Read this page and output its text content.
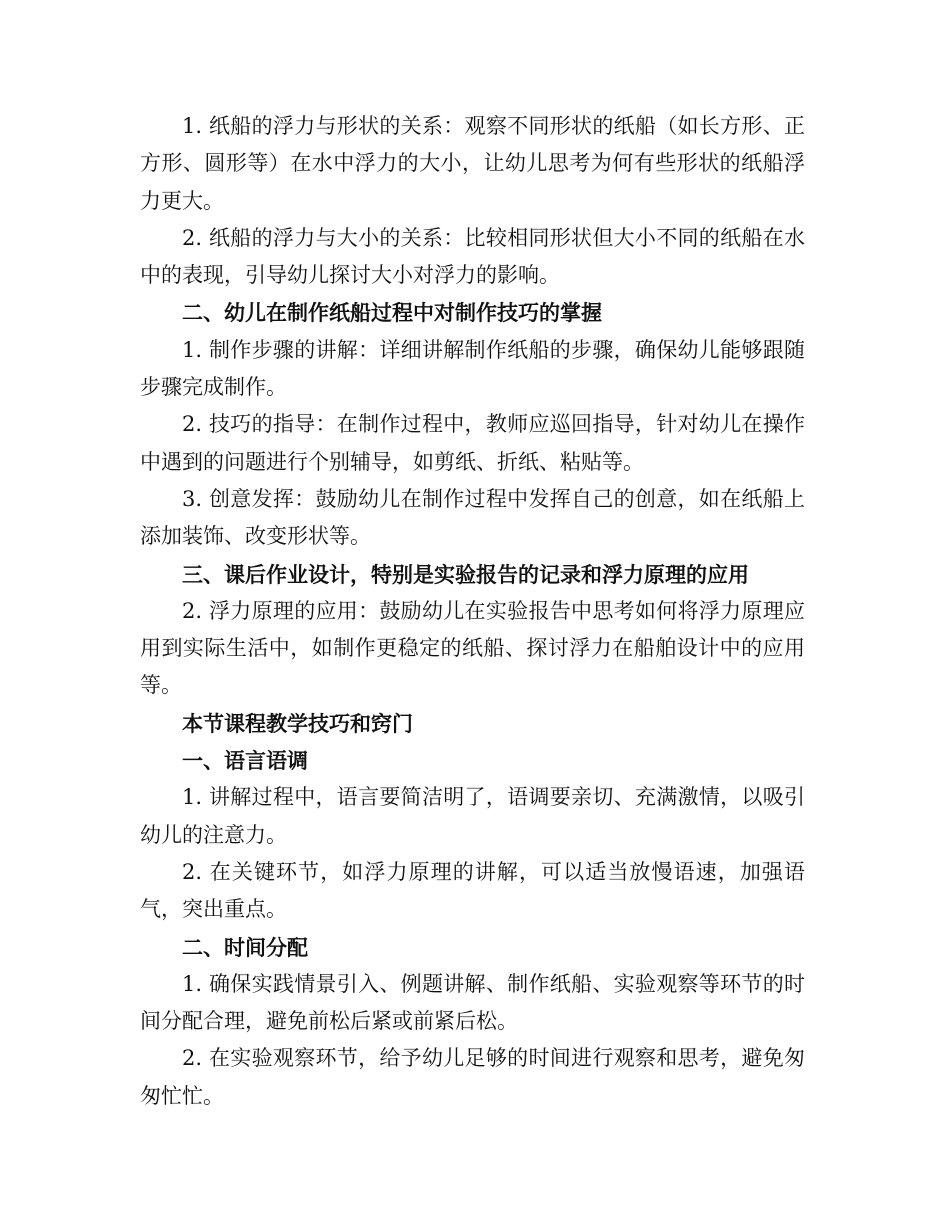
1. 纸船的浮力与形状的关系：观察不同形状的纸船（如长方形、正方形、圆形等）在水中浮力的大小，让幼儿思考为何有些形状的纸船浮力更大。

2. 纸船的浮力与大小的关系：比较相同形状但大小不同的纸船在水中的表现，引导幼儿探讨大小对浮力的影响。

二、幼儿在制作纸船过程中对制作技巧的掌握

1. 制作步骤的讲解：详细讲解制作纸船的步骤，确保幼儿能够跟随步骤完成制作。

2. 技巧的指导：在制作过程中，教师应巡回指导，针对幼儿在操作中遇到的问题进行个别辅导，如剪纸、折纸、粘贴等。

3. 创意发挥：鼓励幼儿在制作过程中发挥自己的创意，如在纸船上添加装饰、改变形状等。

三、课后作业设计，特别是实验报告的记录和浮力原理的应用

2. 浮力原理的应用：鼓励幼儿在实验报告中思考如何将浮力原理应用到实际生活中，如制作更稳定的纸船、探讨浮力在船舶设计中的应用等。

本节课程教学技巧和窍门

一、语言语调

1. 讲解过程中，语言要简洁明了，语调要亲切、充满激情，以吸引幼儿的注意力。

2. 在关键环节，如浮力原理的讲解，可以适当放慢语速，加强语气，突出重点。

二、时间分配

1. 确保实践情景引入、例题讲解、制作纸船、实验观察等环节的时间分配合理，避免前松后紧或前紧后松。

2. 在实验观察环节，给予幼儿足够的时间进行观察和思考，避免匆匆忙忙。
